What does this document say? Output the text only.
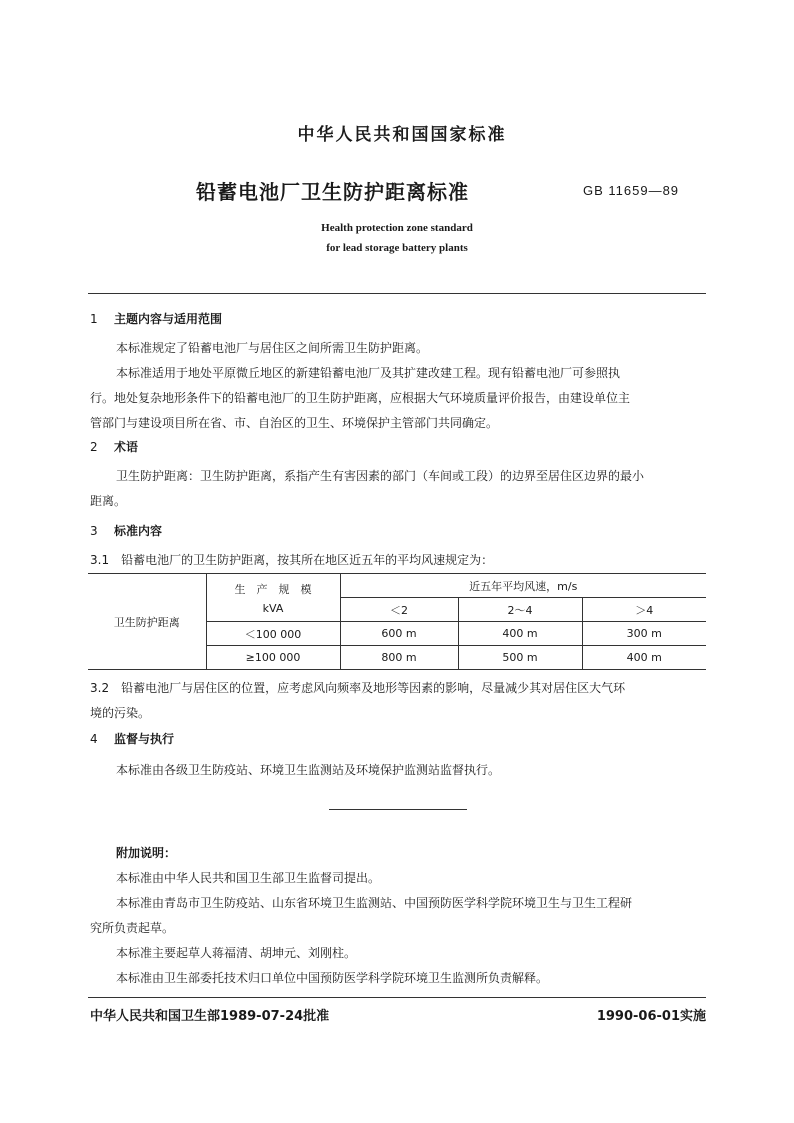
中华人民共和国国家标准
铅蓄电池厂卫生防护距离标准	GB 11659—89
Health protection zone standard
for lead storage battery plants
1 主题内容与适用范围
本标准规定了铅蓄电池厂与居住区之间所需卫生防护距离。
本标准适用于地处平原微丘地区的新建铅蓄电池厂及其扩建改建工程。现有铅蓄电池厂可参照执
行。地处复杂地形条件下的铅蓄电池厂的卫生防护距离，应根据大气环境质量评价报告，由建设单位主
管部门与建设项目所在省、市、自治区的卫生、环境保护主管部门共同确定。
2 术语
卫生防护距离：卫生防护距离，系指产生有害因素的部门（车间或工段）的边界至居住区边界的最小
距离。
3 标准内容
3.1　铅蓄电池厂的卫生防护距离，按其所在地区近五年的平均风速规定为：
卫生防护距离	生　产　规　模
kVA	近五年平均风速，m/s		
		＜2	2～4	＞4
	＜100 000	600 m	400 m	300 m
	≥100 000	800 m	500 m	400 m
3.2　铅蓄电池厂与居住区的位置，应考虑风向频率及地形等因素的影响，尽量减少其对居住区大气环
境的污染。
4 监督与执行
本标准由各级卫生防疫站、环境卫生监测站及环境保护监测站监督执行。
附加说明：
本标准由中华人民共和国卫生部卫生监督司提出。
本标准由青岛市卫生防疫站、山东省环境卫生监测站、中国预防医学科学院环境卫生与卫生工程研
究所负责起草。
本标准主要起草人蒋福清、胡坤元、刘刚柱。
本标准由卫生部委托技术归口单位中国预防医学科学院环境卫生监测所负责解释。
中华人民共和国卫生部1989-07-24批准	1990-06-01实施
